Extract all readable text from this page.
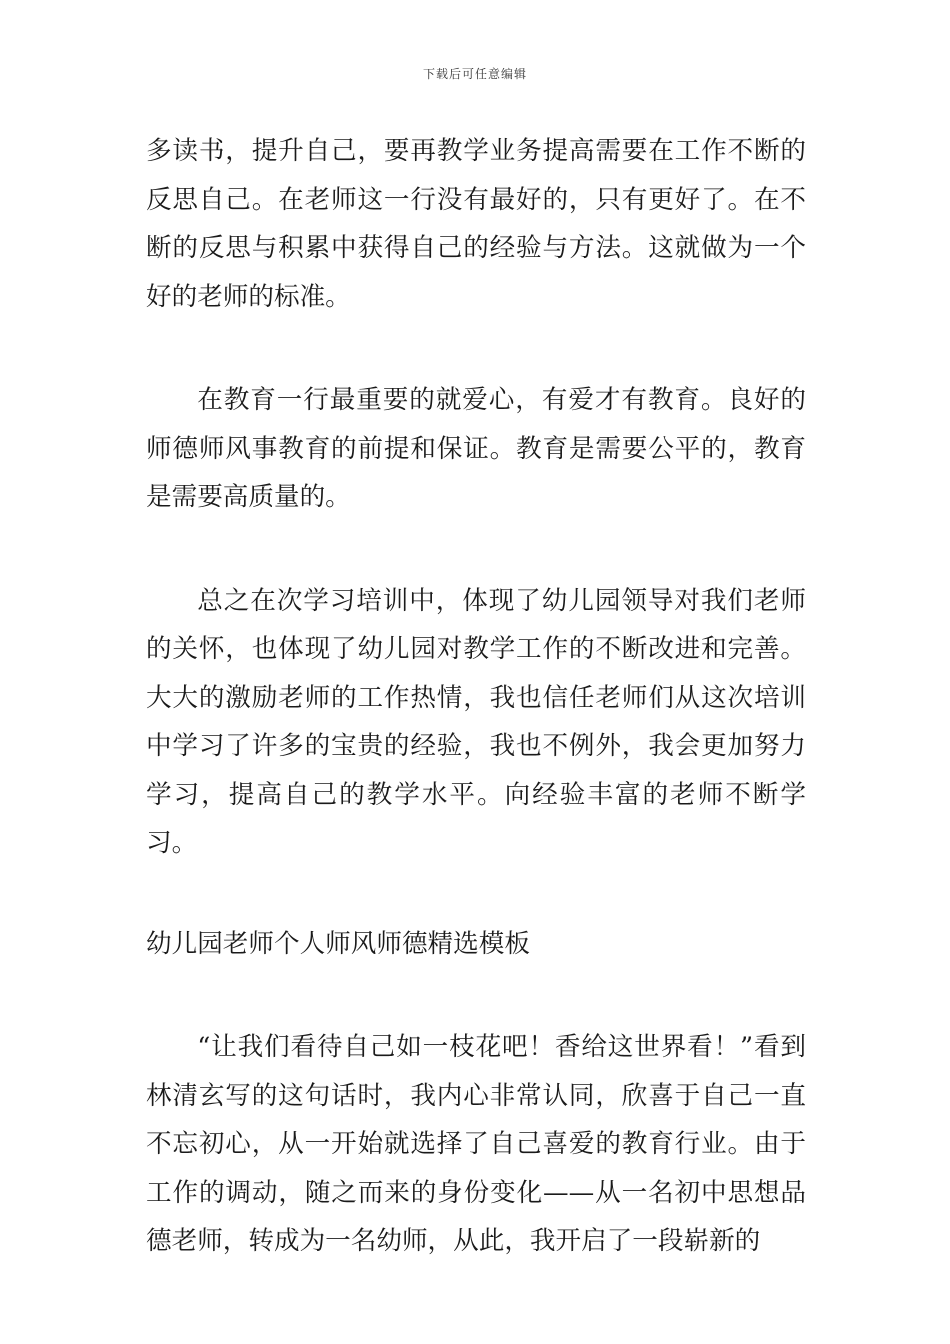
下载后可任意编辑

多读书，提升自己，要再教学业务提高需要在工作不断的反思自己。在老师这一行没有最好的，只有更好了。在不断的反思与积累中获得自己的经验与方法。这就做为一个好的老师的标准。

在教育一行最重要的就爱心，有爱才有教育。良好的师德师风事教育的前提和保证。教育是需要公平的，教育是需要高质量的。

总之在次学习培训中，体现了幼儿园领导对我们老师的关怀，也体现了幼儿园对教学工作的不断改进和完善。大大的激励老师的工作热情，我也信任老师们从这次培训中学习了许多的宝贵的经验，我也不例外，我会更加努力学习，提高自己的教学水平。向经验丰富的老师不断学习。

幼儿园老师个人师风师德精选模板

“让我们看待自己如一枝花吧！香给这世界看！”看到林清玄写的这句话时，我内心非常认同，欣喜于自己一直不忘初心，从一开始就选择了自己喜爱的教育行业。由于工作的调动，随之而来的身份变化——从一名初中思想品德老师，转成为一名幼师，从此，我开启了一段崭新的
